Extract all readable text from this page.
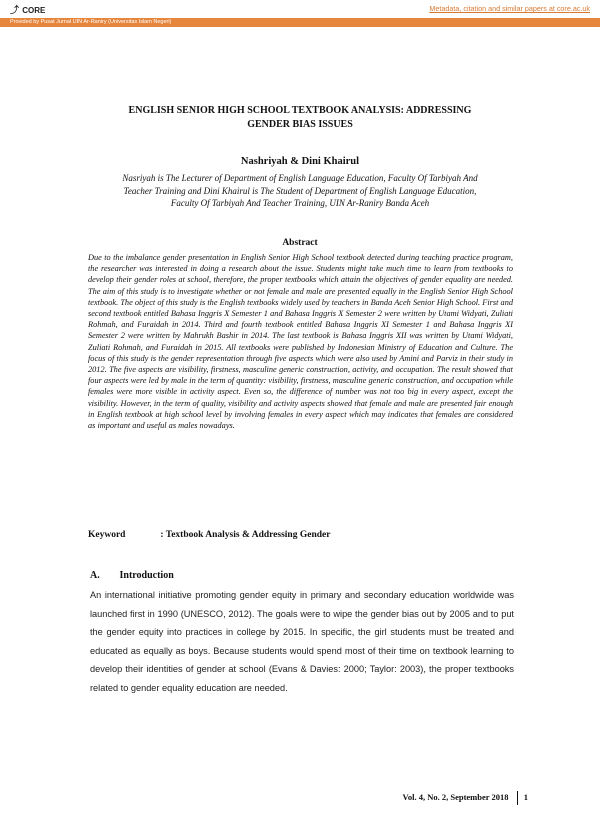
⤴ CORE	Metadata, citation and similar papers at core.ac.uk
Provided by Pusat Jurnal UIN Ar-Raniry (Universitas Islam Negeri)
ENGLISH SENIOR HIGH SCHOOL TEXTBOOK ANALYSIS: ADDRESSING
GENDER BIAS ISSUES
Nashriyah & Dini Khairul
Nasriyah is The Lecturer of Department of English Language Education, Faculty Of Tarbiyah And
Teacher Training and Dini Khairul is The Student of Department of English Language Education,
Faculty Of Tarbiyah And Teacher Training, UIN Ar-Raniry Banda Aceh
Abstract
Due to the imbalance gender presentation in English Senior High School textbook detected during teaching practice program, the researcher was interested in doing a research about the issue. Students might take much time to learn from textbooks to develop their gender roles at school, therefore, the proper textbooks which attain the objectives of gender equality are needed. The aim of this study is to investigate whether or not female and male are presented equally in the English Senior High School textbook. The object of this study is the English textbooks widely used by teachers in Banda Aceh Senior High School. First and second textbook entitled Bahasa Inggris X Semester 1 and Bahasa Inggris X Semester 2 were written by Utami Widyati, Zuliati Rohmah, and Furaidah in 2014. Third and fourth textbook entitled Bahasa Inggris XI Semester 1 and Bahasa Inggris XI Semester 2 were written by Mahrukh Bashir in 2014. The last textbook is Bahasa Inggris XII was written by Utami Widyati, Zuliati Rohmah, and Furaidah in 2015. All textbooks were published by Indonesian Ministry of Education and Culture. The focus of this study is the gender representation through five aspects which were also used by Amini and Parviz in their study in 2012. The five aspects are visibility, firstness, masculine generic construction, activity, and occupation. The result showed that four aspects were led by male in the term of quantity: visibility, firstness, masculine generic construction, and occupation while females were more visible in activity aspect. Even so, the difference of number was not too big in every aspect, except the visibility. However, in the term of quality, visibility and activity aspects showed that female and male are presented fair enough in English textbook at high school level by involving females in every aspect which may indicates that females are considered as important and useful as males nowadays.
Keyword	: Textbook Analysis & Addressing Gender
A. Introduction
An international initiative promoting gender equity in primary and secondary education worldwide was launched first in 1990 (UNESCO, 2012). The goals were to wipe the gender bias out by 2005 and to put the gender equity into practices in college by 2015. In specific, the girl students must be treated and educated as equally as boys. Because students would spend most of their time on textbook learning to develop their identities of gender at school (Evans & Davies: 2000; Taylor: 2003), the proper textbooks related to gender equality education are needed.
Vol. 4, No. 2, September 2018 1
